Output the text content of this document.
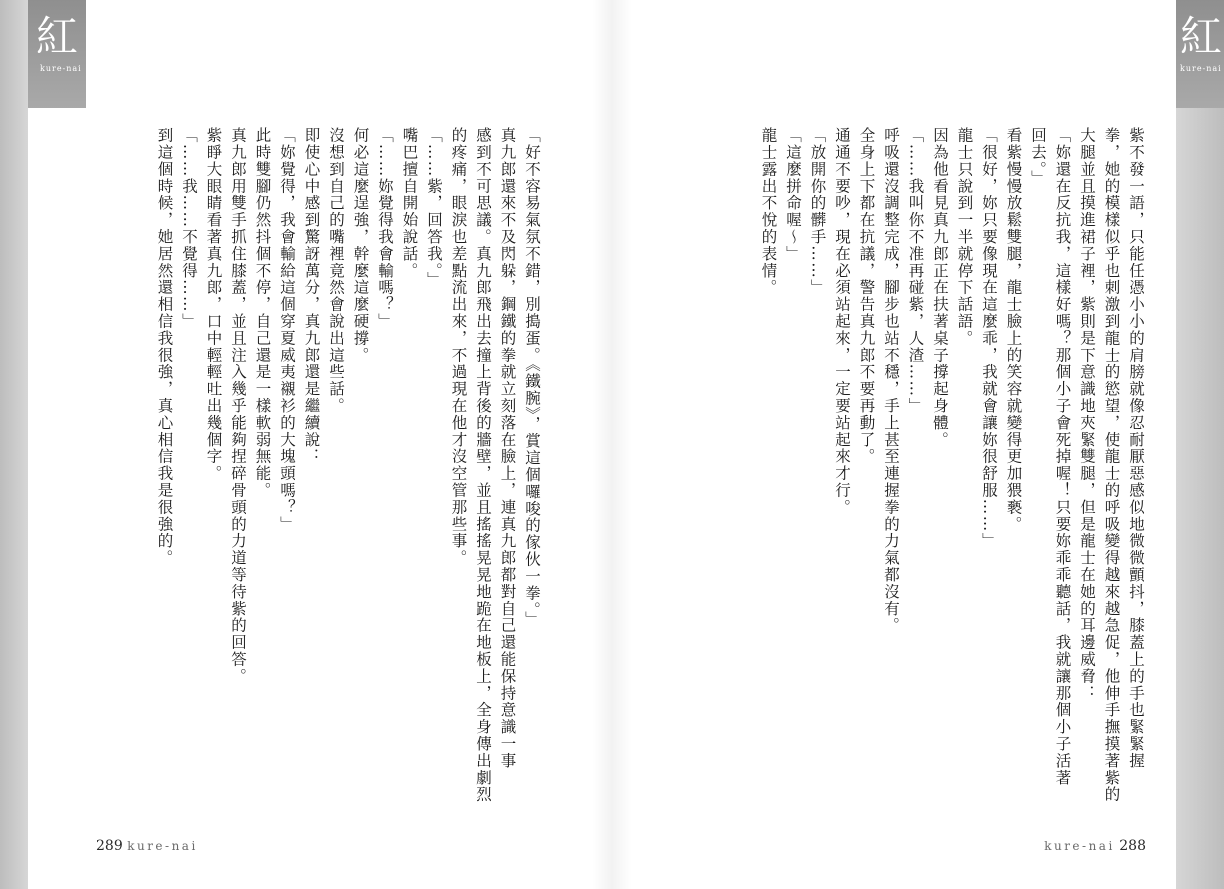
紅
kure-nai
紅
kure-nai

紫不發一語，只能任憑小小的肩膀就像忍耐厭惡感似地微微顫抖，膝蓋上的手也緊緊握

拳，她的模樣似乎也刺激到龍士的慾望，使龍士的呼吸變得越來越急促，他伸手撫摸著紫的

大腿並且摸進裙子裡，紫則是下意識地夾緊雙腿，但是龍士在她的耳邊威脅：

「妳還在反抗我，這樣好嗎？那個小子會死掉喔！只要妳乖乖聽話，我就讓那個小子活著

回去。」

看紫慢慢放鬆雙腿，龍士臉上的笑容就變得更加猥褻。

「很好，妳只要像現在這麼乖，我就會讓妳很舒服……」

龍士只說到一半就停下話語。

因為他看見真九郎正在扶著桌子撐起身體。

「……我叫你不准再碰紫，人渣……」

呼吸還沒調整完成，腳步也站不穩，手上甚至連握拳的力氣都沒有。

全身上下都在抗議，警告真九郎不要再動了。

通通不要吵，現在必須站起來，一定要站起來才行。

「放開你的髒手……」

「這麼拼命喔～」

龍士露出不悅的表情。

「好不容易氣氛不錯，別搗蛋。《鐵腕》，賞這個囉唆的傢伙一拳。」

真九郎還來不及閃躲，鋼鐵的拳就立刻落在臉上，連真九郎都對自己還能保持意識一事

感到不可思議。真九郎飛出去撞上背後的牆壁，並且搖搖晃晃地跪在地板上，全身傳出劇烈

的疼痛，眼淚也差點流出來，不過現在他才沒空管那些事。

「……紫，回答我。」

嘴巴擅自開始說話。

「……妳覺得我會輸嗎？」

何必這麼逞強，幹麼這麼硬撐。

沒想到自己的嘴裡竟然會說出這些話。

即使心中感到驚訝萬分，真九郎還是繼續說：

「妳覺得，我會輸給這個穿夏威夷襯衫的大塊頭嗎？」

此時雙腳仍然抖個不停，自己還是一樣軟弱無能。

真九郎用雙手抓住膝蓋，並且注入幾乎能夠捏碎骨頭的力道等待紫的回答。

紫睜大眼睛看著真九郎，口中輕輕吐出幾個字。

「……我……不覺得……」

到這個時候，她居然還相信我很強，真心相信我是很強的。

289 kure-nai	kure-nai 288
